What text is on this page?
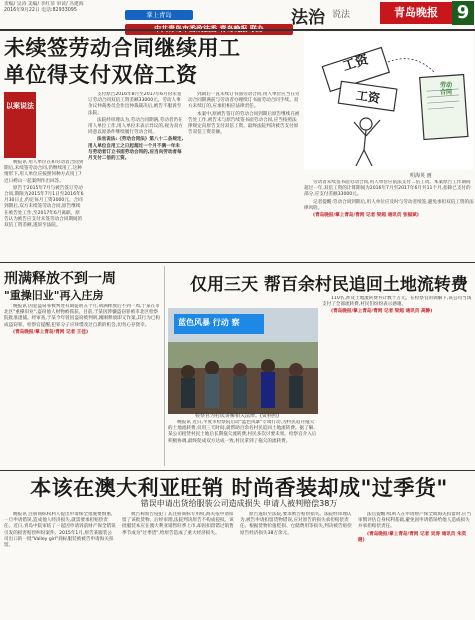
责编/ 吴涛 美编/ 李红菲 审读/ 冯建海
2016年9月22日 电话:82933095
掌上青岛	法治 说法	青岛晚报	9
未续签劳动合同继续用工
单位得支付双倍工资	工资
工资
劳动合同
明海英 画
以案说法

晚报讯 用人单位在和劳动者合同到期后,未续签劳动合同,仍继续用工,这种情形下,用人单位应按照何种方式用工?近日崂山一起案例作出回答。

原告于2015年7月与被告签订劳动合同,期限为2015年7月1日至2016年6月30日止,约定每月工资3000元。合同到期后,双方未续签劳动合同,原告继续在被告处工作,至2017年6月离职。原告认为被告应支付未签劳动合同期间的双倍工资差额,遂诉至法院。

支付原告2016年8月至2017年6月份未签订劳动合同双倍工资差额33000元。劳动人事争议仲裁委员会作出仲裁裁决后,被告不服诉至法院。

法院经审理认为,劳动合同期满,劳动者仍在用人单位工作,用人单位未表示异议的,视为双方同意以原条件继续履行劳动合同。

法官说法:《劳动合同法》第八十二条规定,用人单位自用工之日起超过一个月不满一年未与劳动者订立书面劳动合同的,应当向劳动者每月支付二倍的工资。

到期后一直未续订书面劳动合同,用人单位应当在劳动合同期满前与劳动者办理续订书面劳动合同手续。双方未续订的,应承担相应法律责任。

本案中,原被告签订的劳动合同到期后原告继续在被告处工作,被告未与原告续签书面劳动合同,应当按照法律规定向原告支付双倍工资。最终法院判决被告支付原告双倍工资差额。

劳动者未续签书面劳动合同,用人单位应依法支付二倍工资。本案原告工作期间超过一年,双倍工资的计算期间为2016年7月至2017年6月共11个月,扣除已支付的部分,应支付差额33000元。

记者提醒:劳动合同到期后,用人单位应及时与劳动者续签,避免承担双倍工资的法律风险。

(青岛晚报/掌上青岛/青网 记者 梁超 通讯员 张福斌)

刑满释放不到一周
"重操旧业"再入庄房

晚报讯 因犯盗窃罪被判处有期徒刑五个月,刑满释放后不到一周,于某在市北区"重操旧业",盗窃他人财物被抓获。目前,于某因涉嫌盗窃罪被市北区检察院批准逮捕。经审查,于某今年曾因盗窃被判刑,刚刚释放即又作案,其行为已构成盗窃罪。检察官提醒,犯罪分子应珍惜改过自新的机会,切勿心存侥幸。

(青岛晚报/掌上青岛/青网 记者 王佳)

仅用三天 帮百余村民追回土地流转费
蓝色风暴 行动 察
检察官为村民讲解相关法律。(资料照)

晚报讯 近日,平度市检察院启动"蓝色风暴"专项行动,为村民追讨拖欠的土地流转费,仅用三天时间,就帮助百余名村民追回土地流转费。据了解,某公司租赁村民土地后长期拖欠流转费,村民多次讨要未果。检察官介入后积极协调,最终促成双方达成一致,村民拿到了拖欠的流转费。

110名,涉及土地流转费共计数十万元。在检察官的调解下,该公司当场支付了全部流转费,村民们纷纷表示感谢。

(青岛晚报/掌上青岛/青网 记者 梁超 通讯员 高静)

本该在澳大利亚旺销 时尚香装却成"过季货"
错误申请出货给服装公司造成损失 申请人被判赔偿38万

晚报讯 注册商标权利人提出申请保全措施要慎重,一旦申请错误,造成他人经济损失,就需要承担赔偿责任。近日,青岛中院审结了一起因申请诉前财产保全错误引发的损害赔偿纠纷案件。2015年1月,原告某服装公司出口的一批"Valley girl"商标服装被被告申请海关扣留。

被告称原告侵犯了其注册商标专用权,海关依申请扣留了该批货物。后经审理,法院判决原告不构成侵权。该批服装本应在澳大利亚销售旺季上市,却因扣留错过销售季节成为"过季货",给原告造成了重大经济损失。

原告遂诉至法院,要求被告赔偿损失。法院经审理认为,被告申请扣留货物错误,应对原告的损失承担赔偿责任。根据货物价值贬损、仓储费用等损失,判决被告赔偿原告经济损失38万余元。

法官提醒:权利人在申请财产保全或海关扣留时,应当审慎评估自身权利基础,避免因申请错误给他人造成损失并承担赔偿责任。

(青岛晚报/掌上青岛/青网 记者 吴涛 通讯员 朱奕健)
